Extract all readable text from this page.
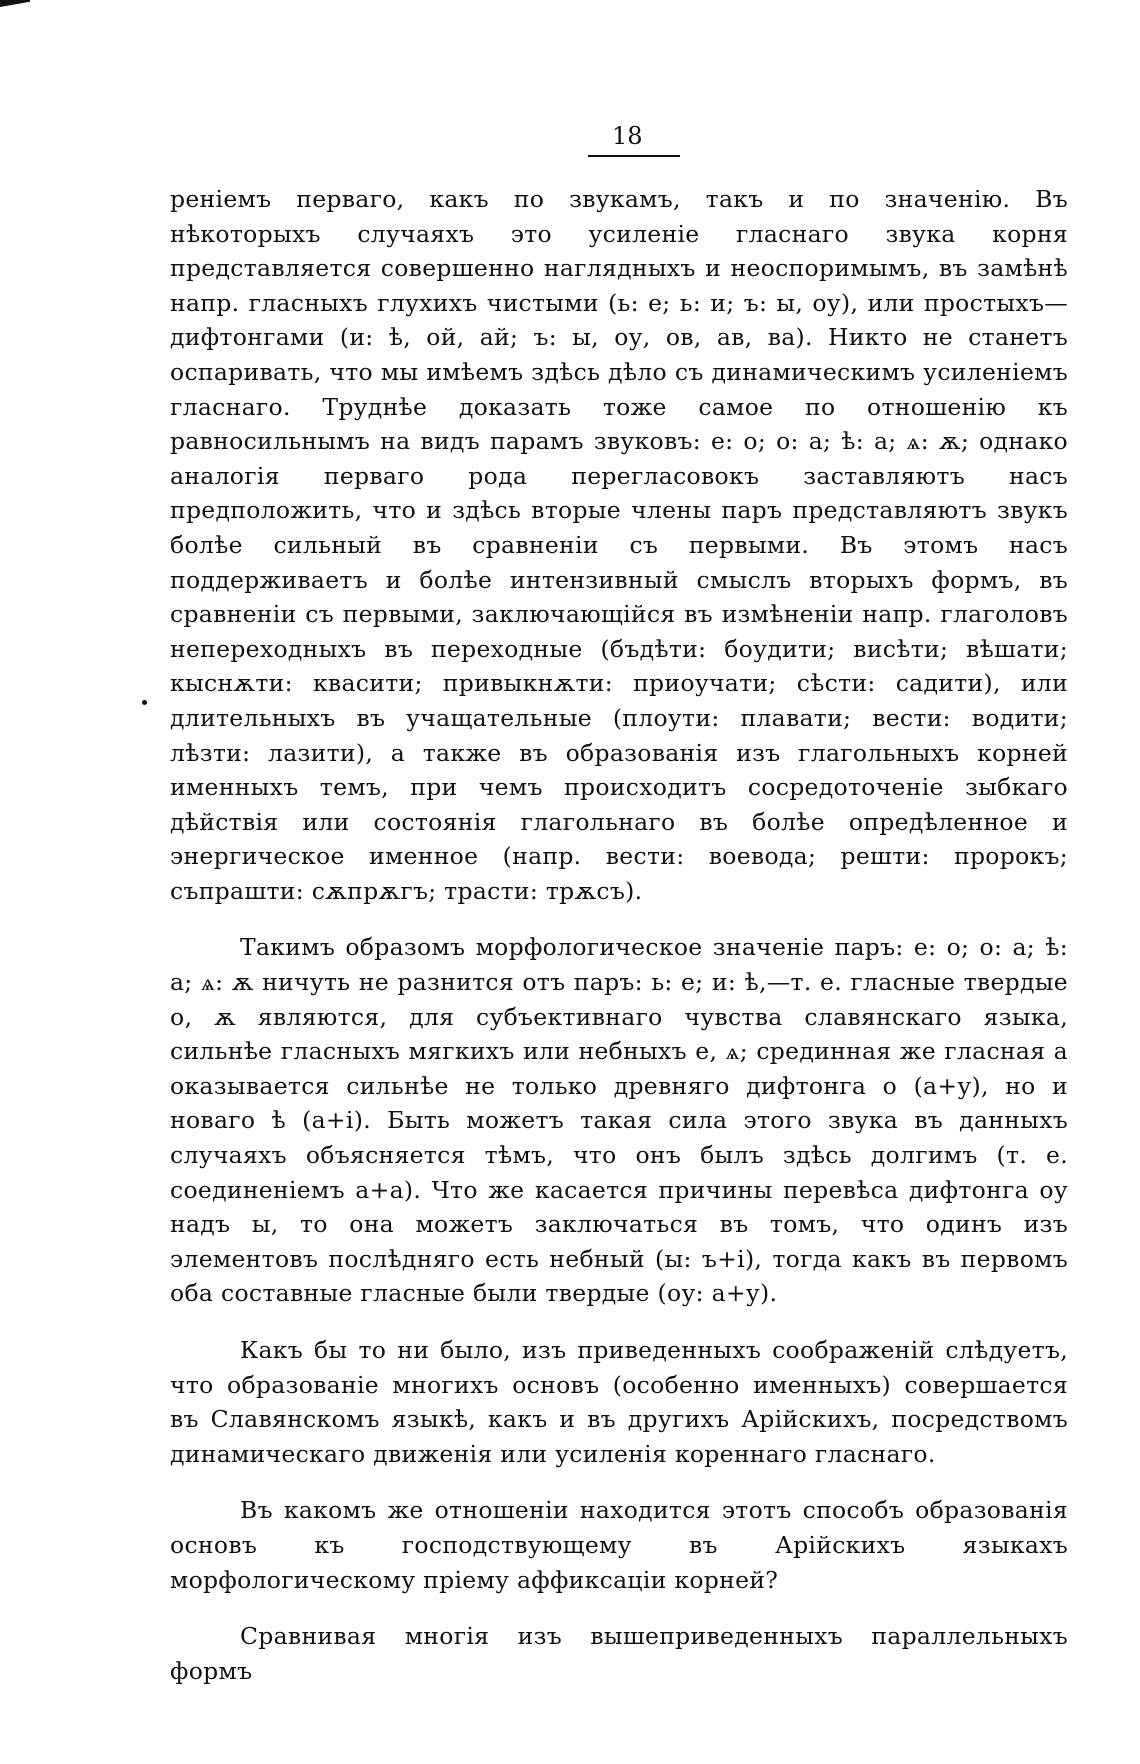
18

реніемъ перваго, какъ по звукамъ, такъ и по значенію. Въ нѣкоторыхъ случаяхъ это усиленіе гласнаго звука корня представляется совершенно наглядныхъ и неоспоримымъ, въ замѣнѣ напр. гласныхъ глухихъ чистыми (ь: е; ь: и; ъ: ы, оу), или простыхъ—дифтонгами (и: ѣ, ой, ай; ъ: ы, оу, ов, ав, ва). Никто не станетъ оспаривать, что мы имѣемъ здѣсь дѣло съ динамическимъ усиленіемъ гласнаго. Труднѣе доказать тоже самое по отношенію къ равносильнымъ на видъ парамъ звуковъ: е: о; о: а; ѣ: а; ѧ: ѫ; однако аналогія перваго рода перегласовокъ заставляютъ насъ предположить, что и здѣсь вторые члены паръ представляютъ звукъ болѣе сильный въ сравненіи съ первыми. Въ этомъ насъ поддерживаетъ и болѣе интензивный смыслъ вторыхъ формъ, въ сравненіи съ первыми, заключающійся въ измѣненіи напр. глаголовъ непереходныхъ въ переходные (бъдѣти: боудити; висѣти; вѣшати; кыснѫти: квасити; привыкнѫти: приоучати; сѣсти: садити), или длительныхъ въ учащательные (плоути: плавати; вести: водити; лѣзти: лазити), а также въ образованія изъ глагольныхъ корней именныхъ темъ, при чемъ происходитъ сосредоточеніе зыбкаго дѣйствія или состоянія глагольнаго въ болѣе опредѣленное и энергическое именное (напр. вести: воевода; решти: пророкъ; съпрашти: сѫпрѫгъ; трасти: трѫсъ).

Такимъ образомъ морфологическое значеніе паръ: е: о; о: а; ѣ: а; ѧ: ѫ ничуть не разнится отъ паръ: ь: е; и: ѣ,—т. е. гласные твердые о, ѫ являются, для субъективнаго чувства славянскаго языка, сильнѣе гласныхъ мягкихъ или небныхъ е, ѧ; срединная же гласная а оказывается сильнѣе не только древняго дифтонга о (а+у), но и новаго ѣ (а+і). Быть можетъ такая сила этого звука въ данныхъ случаяхъ объясняется тѣмъ, что онъ былъ здѣсь долгимъ (т. е. соединеніемъ а+а). Что же касается причины перевѣса дифтонга оу надъ ы, то она можетъ заключаться въ томъ, что одинъ изъ элементовъ послѣдняго есть небный (ы: ъ+і), тогда какъ въ первомъ оба составные гласные были твердые (оу: а+у).

Какъ бы то ни было, изъ приведенныхъ соображеній слѣдуетъ, что образованіе многихъ основъ (особенно именныхъ) совершается въ Славянскомъ языкѣ, какъ и въ другихъ Арійскихъ, посредствомъ динамическаго движенія или усиленія кореннаго гласнаго.

Въ какомъ же отношеніи находится этотъ способъ образованія основъ къ господствующему въ Арійскихъ языкахъ морфологическому пріему аффиксаціи корней?

Сравнивая многія изъ вышеприведенныхъ параллельныхъ формъ
